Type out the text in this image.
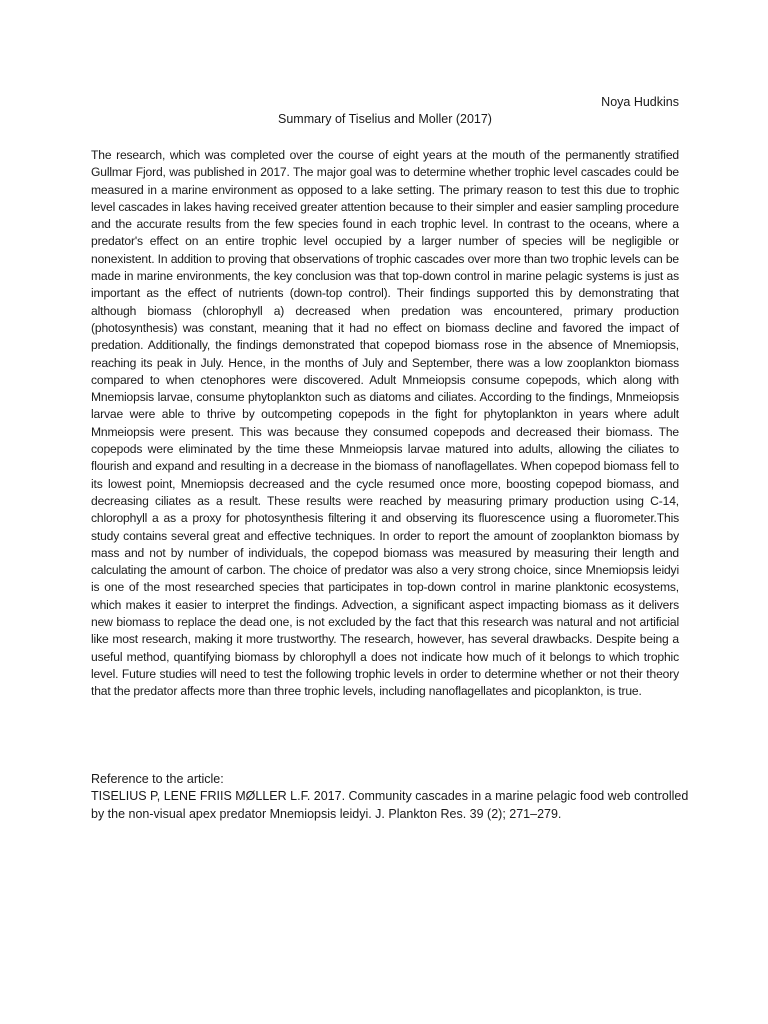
Noya Hudkins

Summary of Tiselius and Moller (2017)

The research, which was completed over the course of eight years at the mouth of the permanently stratified Gullmar Fjord, was published in 2017. The major goal was to determine whether trophic level cascades could be measured in a marine environment as opposed to a lake setting. The primary reason to test this due to trophic level cascades in lakes having received greater attention because to their simpler and easier sampling procedure and the accurate results from the few species found in each trophic level. In contrast to the oceans, where a predator's effect on an entire trophic level occupied by a larger number of species will be negligible or nonexistent. In addition to proving that observations of trophic cascades over more than two trophic levels can be made in marine environments, the key conclusion was that top-down control in marine pelagic systems is just as important as the effect of nutrients (down-top control). Their findings supported this by demonstrating that although biomass (chlorophyll a) decreased when predation was encountered, primary production (photosynthesis) was constant, meaning that it had no effect on biomass decline and favored the impact of predation. Additionally, the findings demonstrated that copepod biomass rose in the absence of Mnemiopsis, reaching its peak in July. Hence, in the months of July and September, there was a low zooplankton biomass compared to when ctenophores were discovered. Adult Mnmeiopsis consume copepods, which along with Mnemiopsis larvae, consume phytoplankton such as diatoms and ciliates. According to the findings, Mnmeiopsis larvae were able to thrive by outcompeting copepods in the fight for phytoplankton in years where adult Mnmeiopsis were present. This was because they consumed copepods and decreased their biomass. The copepods were eliminated by the time these Mnmeiopsis larvae matured into adults, allowing the ciliates to flourish and expand and resulting in a decrease in the biomass of nanoflagellates. When copepod biomass fell to its lowest point, Mnemiopsis decreased and the cycle resumed once more, boosting copepod biomass, and decreasing ciliates as a result. These results were reached by measuring primary production using C-14, chlorophyll a as a proxy for photosynthesis filtering it and observing its fluorescence using a fluorometer.This study contains several great and effective techniques. In order to report the amount of zooplankton biomass by mass and not by number of individuals, the copepod biomass was measured by measuring their length and calculating the amount of carbon. The choice of predator was also a very strong choice, since Mnemiopsis leidyi is one of the most researched species that participates in top-down control in marine planktonic ecosystems, which makes it easier to interpret the findings. Advection, a significant aspect impacting biomass as it delivers new biomass to replace the dead one, is not excluded by the fact that this research was natural and not artificial like most research, making it more trustworthy. The research, however, has several drawbacks. Despite being a useful method, quantifying biomass by chlorophyll a does not indicate how much of it belongs to which trophic level. Future studies will need to test the following trophic levels in order to determine whether or not their theory that the predator affects more than three trophic levels, including nanoflagellates and picoplankton, is true.

Reference to the article:

TISELIUS P, LENE FRIIS MØLLER L.F. 2017. Community cascades in a marine pelagic food web controlled

by the non-visual apex predator Mnemiopsis leidyi. J. Plankton Res. 39 (2); 271–279.
